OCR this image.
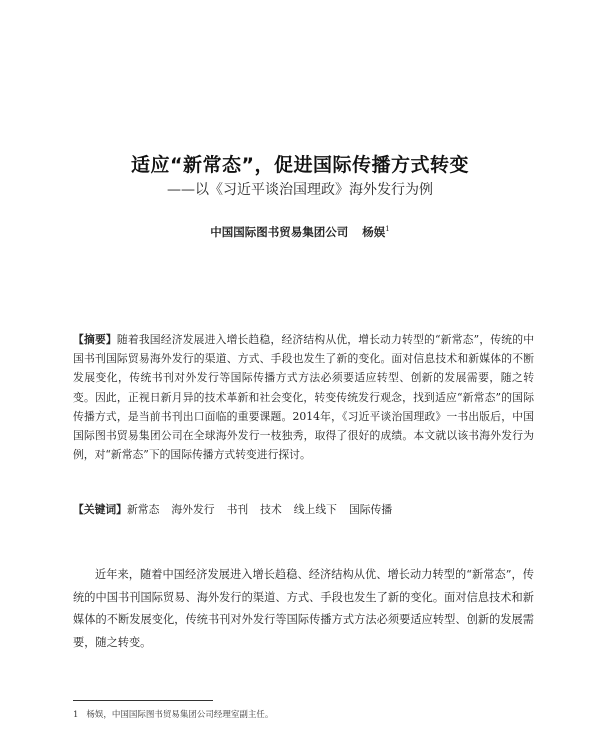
适应“新常态”，促进国际传播方式转变
——以《习近平谈治国理政》海外发行为例
中国国际图书贸易集团公司 杨娱$^1$
【摘要】随着我国经济发展进入增长趋稳，经济结构从优，增长动力转型的“新常态”，传统的中国书刊国际贸易海外发行的渠道、方式、手段也发生了新的变化。面对信息技术和新媒体的不断发展变化，传统书刊对外发行等国际传播方式方法必须要适应转型、创新的发展需要，随之转变。因此，正视日新月异的技术革新和社会变化，转变传统发行观念，找到适应“新常态”的国际传播方式，是当前书刊出口面临的重要课题。2014年，《习近平谈治国理政》一书出版后，中国国际图书贸易集团公司在全球海外发行一枝独秀，取得了很好的成绩。本文就以该书海外发行为例，对“新常态”下的国际传播方式转变进行探讨。
【关键词】新常态 海外发行 书刊 技术 线上线下 国际传播

近年来，随着中国经济发展进入增长趋稳、经济结构从优、增长动力转型的“新常态”，传统的中国书刊国际贸易、海外发行的渠道、方式、手段也发生了新的变化。面对信息技术和新媒体的不断发展变化，传统书刊对外发行等国际传播方式方法必须要适应转型、创新的发展需要，随之转变。

1 杨娱，中国国际图书贸易集团公司经理室副主任。
